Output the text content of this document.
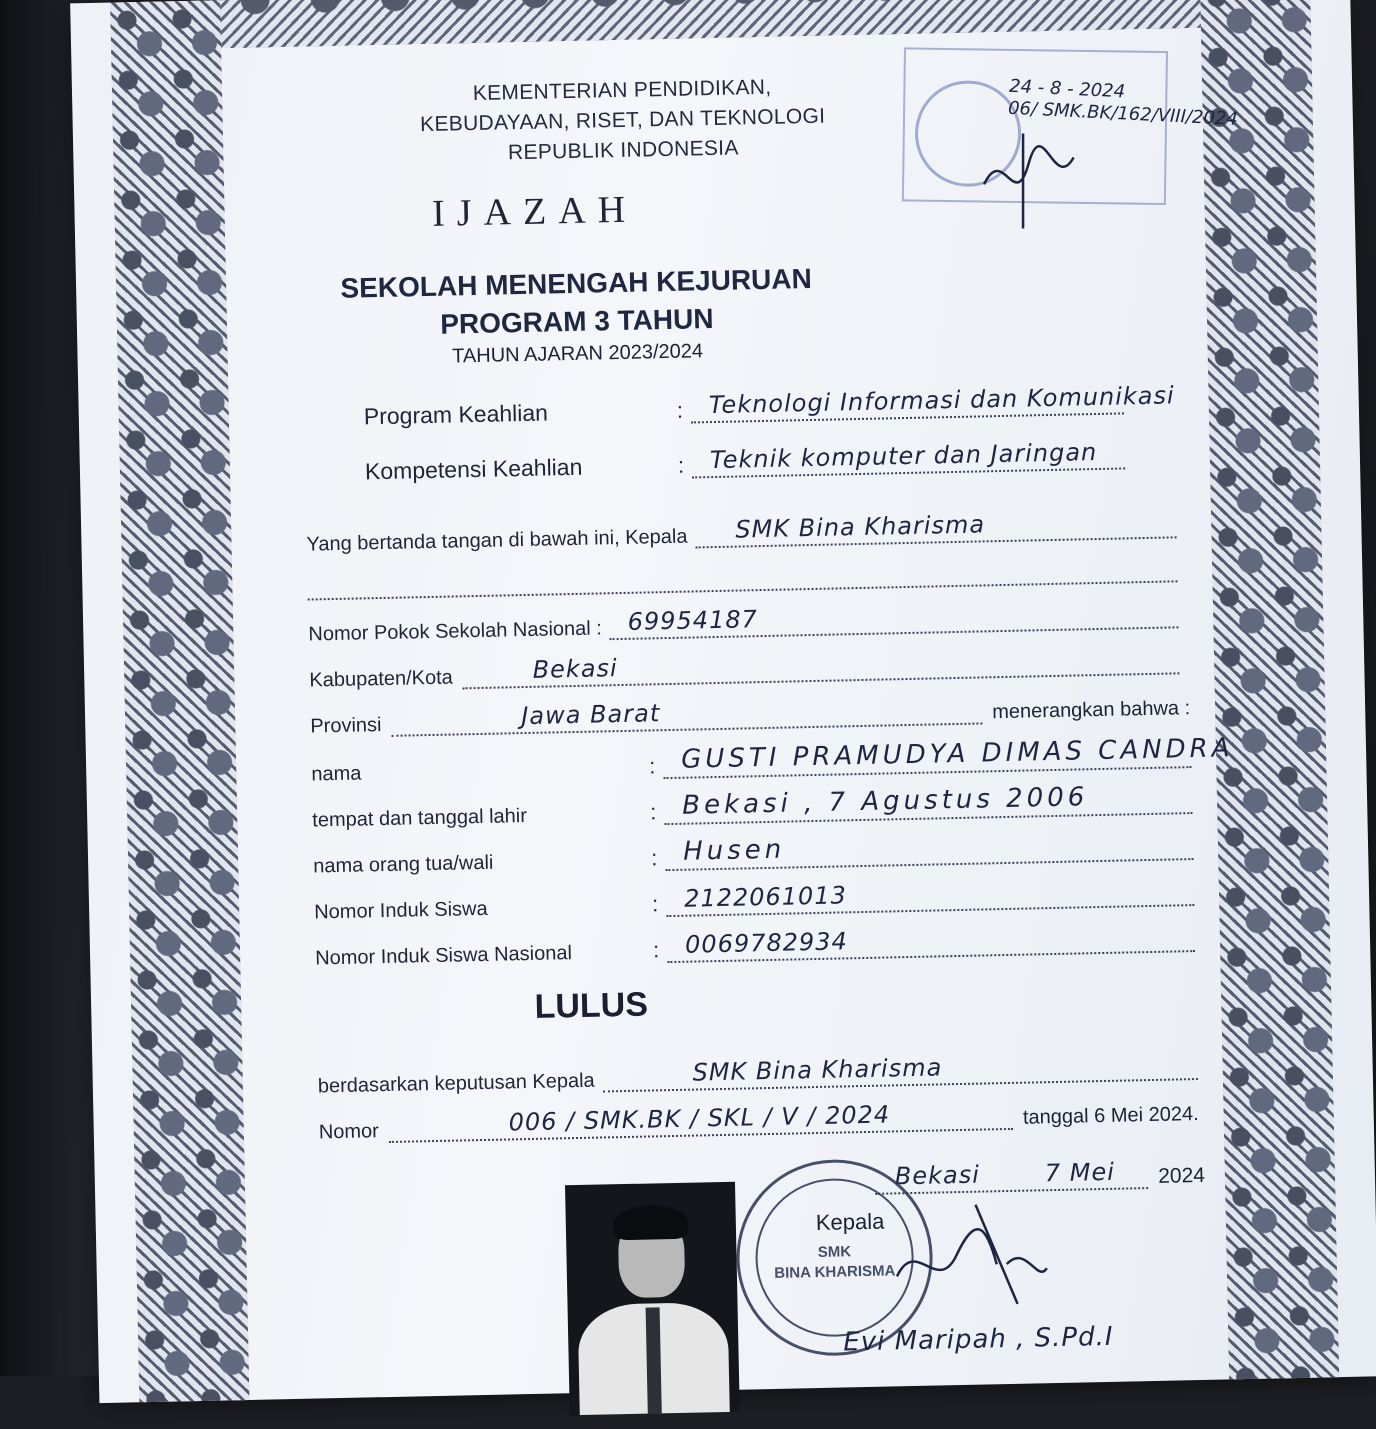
24 - 8 - 2024
06/ SMK.BK/162/VIII/2024
KEMENTERIAN PENDIDIKAN,
KEBUDAYAAN, RISET, DAN TEKNOLOGI
REPUBLIK INDONESIA
IJAZAH
SEKOLAH MENENGAH KEJURUAN
PROGRAM 3 TAHUN
TAHUN AJARAN 2023/2024
Program Keahlian	: Teknologi Informasi dan Komunikasi
Kompetensi Keahlian	: Teknik komputer dan Jaringan
Yang bertanda tangan di bawah ini, Kepala SMK Bina Kharisma
Nomor Pokok Sekolah Nasional : 69954187
Kabupaten/Kota	Bekasi
Provinsi	Jawa Barat	menerangkan bahwa :
nama	: GUSTI PRAMUDYA DIMAS CANDRA
tempat dan tanggal lahir	: Bekasi , 7 Agustus 2006
nama orang tua/wali	: Husen
Nomor Induk Siswa	: 2122061013
Nomor Induk Siswa Nasional	: 0069782934
LULUS
berdasarkan keputusan Kepala	SMK Bina Kharisma
Nomor	006 / SMK.BK / SKL / V / 2024	tanggal 6 Mei 2024.
Bekasi	7 Mei 2024
SMK
BINA KHARISMA
Kepala
Evi Maripah , S.Pd.I
